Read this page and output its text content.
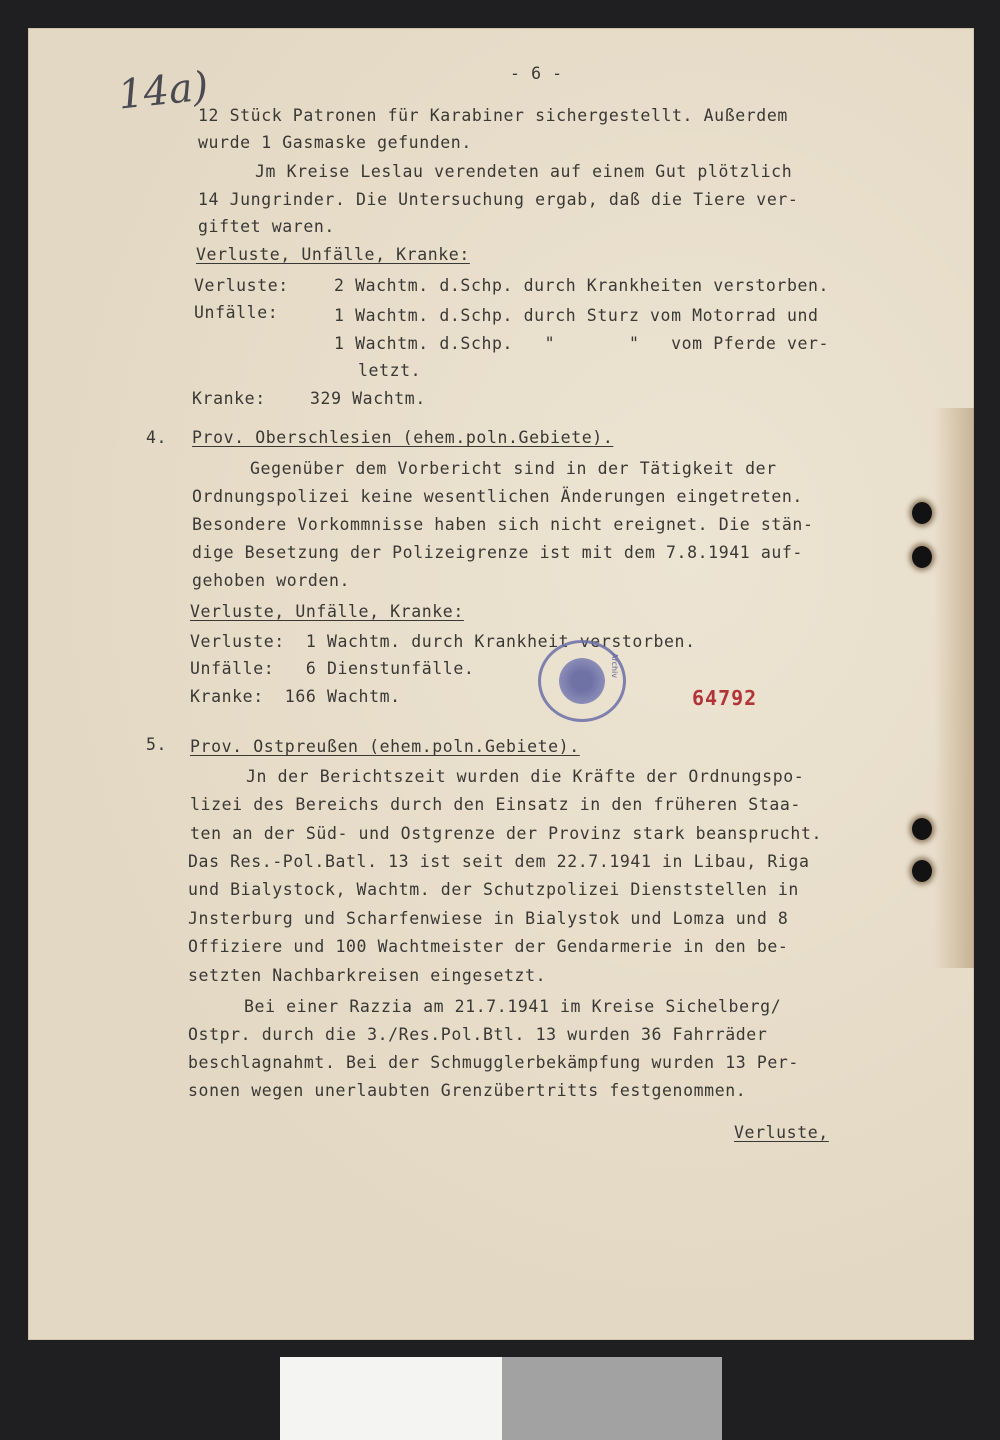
14a)	- 6 -
12 Stück Patronen für Karabiner sichergestellt. Außerdem
wurde 1 Gasmaske gefunden.
Jm Kreise Leslau verendeten auf einem Gut plötzlich
14 Jungrinder. Die Untersuchung ergab, daß die Tiere ver-
giftet waren.
Verluste, Unfälle, Kranke:
Verluste:	2 Wachtm. d.Schp. durch Krankheiten verstorben.
Unfälle:	1 Wachtm. d.Schp. durch Sturz vom Motorrad und
1 Wachtm. d.Schp.   "       "   vom Pferde ver-
letzt.
Kranke:	329 Wachtm.
4. Prov. Oberschlesien (ehem.poln.Gebiete).
Gegenüber dem Vorbericht sind in der Tätigkeit der
Ordnungspolizei keine wesentlichen Änderungen eingetreten.
Besondere Vorkommnisse haben sich nicht ereignet. Die stän-
dige Besetzung der Polizeigrenze ist mit dem 7.8.1941 auf-
gehoben worden.
Verluste, Unfälle, Kranke:
Verluste:  1 Wachtm. durch Krankheit verstorben.
Unfälle:   6 Dienstunfälle.
Kranke:  166 Wachtm.
Archiv
64792
5. Prov. Ostpreußen (ehem.poln.Gebiete).
Jn der Berichtszeit wurden die Kräfte der Ordnungspo-
lizei des Bereichs durch den Einsatz in den früheren Staa-
ten an der Süd- und Ostgrenze der Provinz stark beansprucht.
Das Res.-Pol.Batl. 13 ist seit dem 22.7.1941 in Libau, Riga
und Bialystock, Wachtm. der Schutzpolizei Dienststellen in
Jnsterburg und Scharfenwiese in Bialystok und Lomza und 8
Offiziere und 100 Wachtmeister der Gendarmerie in den be-
setzten Nachbarkreisen eingesetzt.
Bei einer Razzia am 21.7.1941 im Kreise Sichelberg/
Ostpr. durch die 3./Res.Pol.Btl. 13 wurden 36 Fahrräder
beschlagnahmt. Bei der Schmugglerbekämpfung wurden 13 Per-
sonen wegen unerlaubten Grenzübertritts festgenommen.
Verluste,
